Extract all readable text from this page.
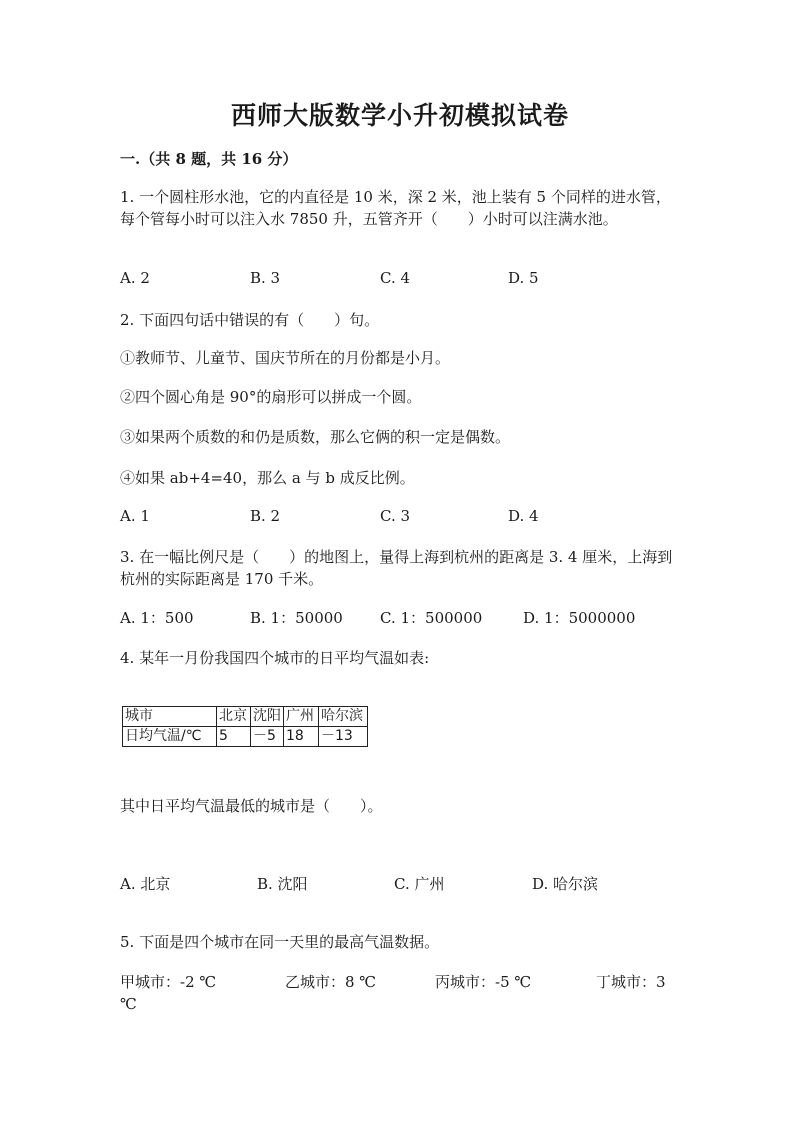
西师大版数学小升初模拟试卷
一.（共 8 题，共 16 分）
1. 一个圆柱形水池，它的内直径是 10 米，深 2 米，池上装有 5 个同样的进水管，每个管每小时可以注入水 7850 升，五管齐开（　　）小时可以注满水池。
A. 2	B. 3	C. 4	D. 5
2. 下面四句话中错误的有（　　）句。
①教师节、儿童节、国庆节所在的月份都是小月。
②四个圆心角是 90°的扇形可以拼成一个圆。
③如果两个质数的和仍是质数，那么它俩的积一定是偶数。
④如果 ab+4=40，那么 a 与 b 成反比例。
A. 1	B. 2	C. 3	D. 4
3. 在一幅比例尺是（　　）的地图上，量得上海到杭州的距离是 3. 4 厘米，上海到杭州的实际距离是 170 千米。
A. 1：500	B. 1：50000 C. 1：500000	D. 1：5000000
4. 某年一月份我国四个城市的日平均气温如表:
城市	北京	沈阳	广州	哈尔滨
日均气温/℃	5	－5	18	－13
其中日平均气温最低的城市是（　　）。
A. 北京	B. 沈阳	C. 广州	D. 哈尔滨
5. 下面是四个城市在同一天里的最高气温数据。
甲城市：-2 ℃	乙城市：8 ℃	丙城市：-5 ℃	丁城市：3
℃
